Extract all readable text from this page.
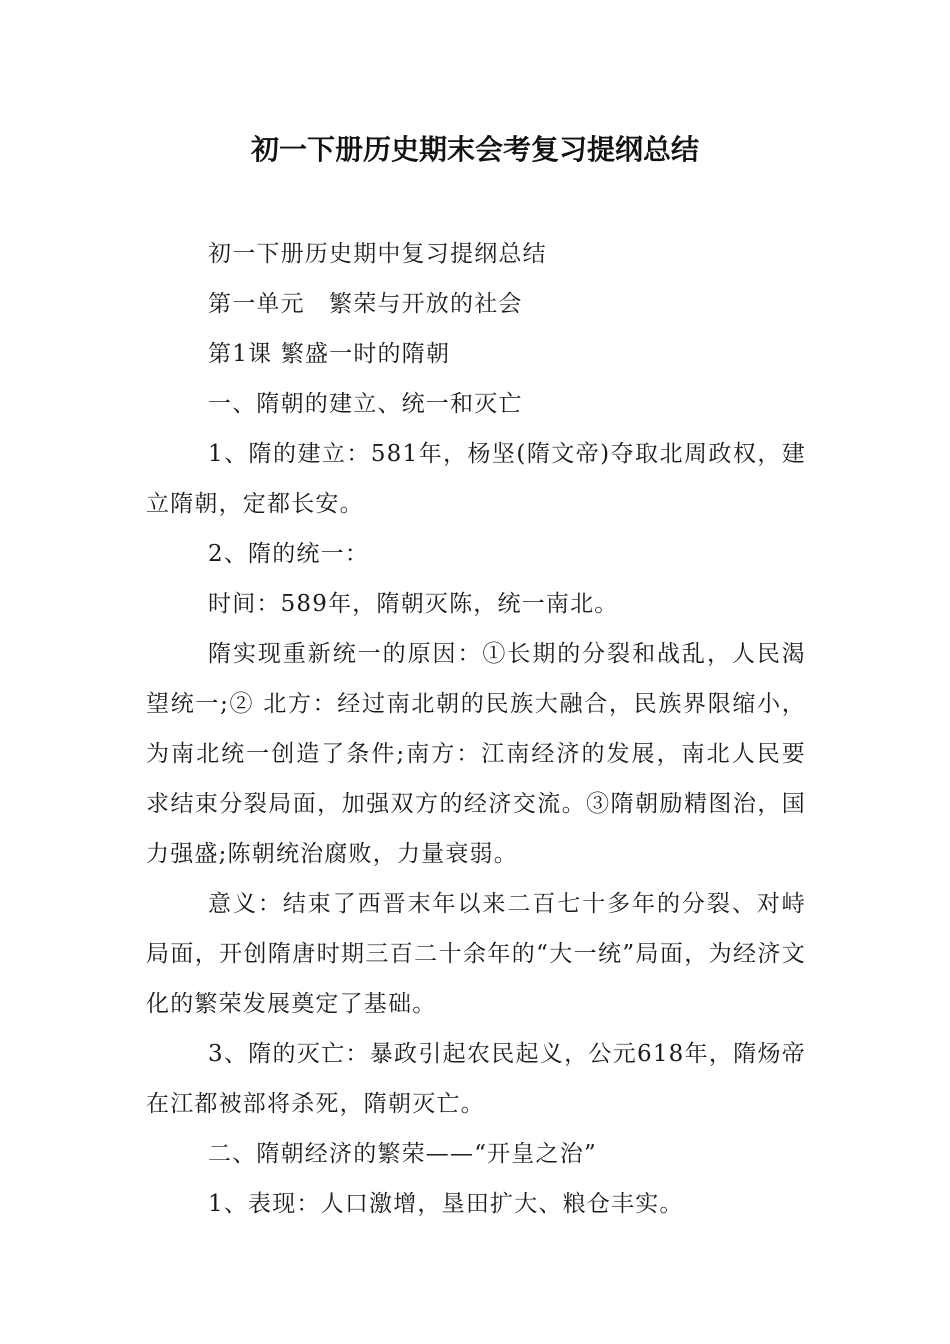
初一下册历史期末会考复习提纲总结

初一下册历史期中复习提纲总结

第一单元　繁荣与开放的社会

第1课 繁盛一时的隋朝

一、隋朝的建立、统一和灭亡

1、隋的建立：581年，杨坚(隋文帝)夺取北周政权，建立隋朝，定都长安。

2、隋的统一：

时间：589年，隋朝灭陈，统一南北。

隋实现重新统一的原因：①长期的分裂和战乱，人民渴望统一;② 北方：经过南北朝的民族大融合，民族界限缩小，为南北统一创造了条件;南方：江南经济的发展，南北人民要求结束分裂局面，加强双方的经济交流。③隋朝励精图治，国力强盛;陈朝统治腐败，力量衰弱。

意义：结束了西晋末年以来二百七十多年的分裂、对峙局面，开创隋唐时期三百二十余年的“大一统”局面，为经济文化的繁荣发展奠定了基础。

3、隋的灭亡：暴政引起农民起义，公元618年，隋炀帝在江都被部将杀死，隋朝灭亡。

二、隋朝经济的繁荣——“开皇之治”

1、表现：人口激增，垦田扩大、粮仓丰实。
